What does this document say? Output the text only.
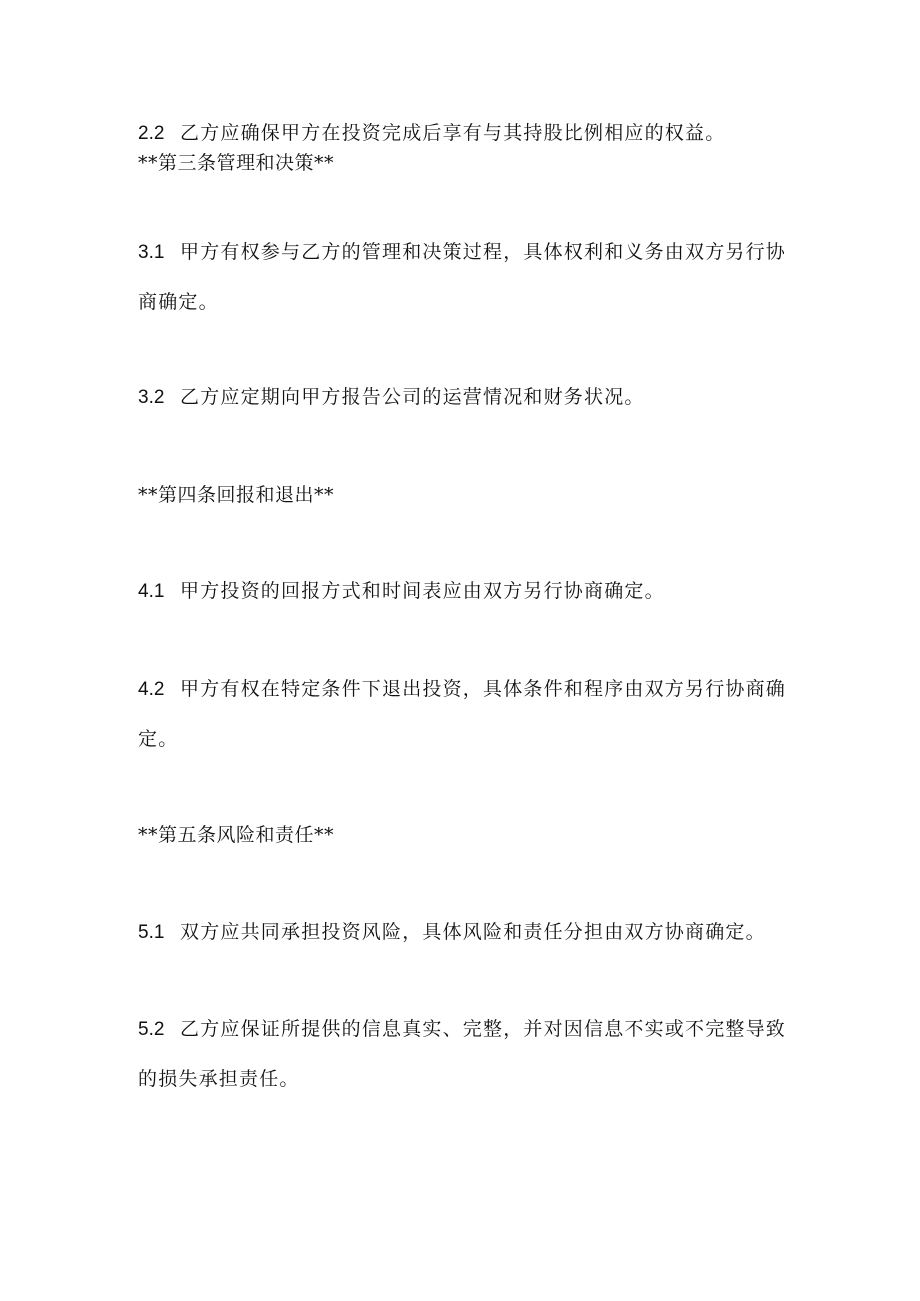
2.2 乙方应确保甲方在投资完成后享有与其持股比例相应的权益。
**第三条管理和决策**
3.1 甲方有权参与乙方的管理和决策过程，具体权利和义务由双方另行协
商确定。
3.2 乙方应定期向甲方报告公司的运营情况和财务状况。
**第四条回报和退出**
4.1 甲方投资的回报方式和时间表应由双方另行协商确定。
4.2 甲方有权在特定条件下退出投资，具体条件和程序由双方另行协商确
定。
**第五条风险和责任**
5.1 双方应共同承担投资风险，具体风险和责任分担由双方协商确定。
5.2 乙方应保证所提供的信息真实、完整，并对因信息不实或不完整导致
的损失承担责任。
